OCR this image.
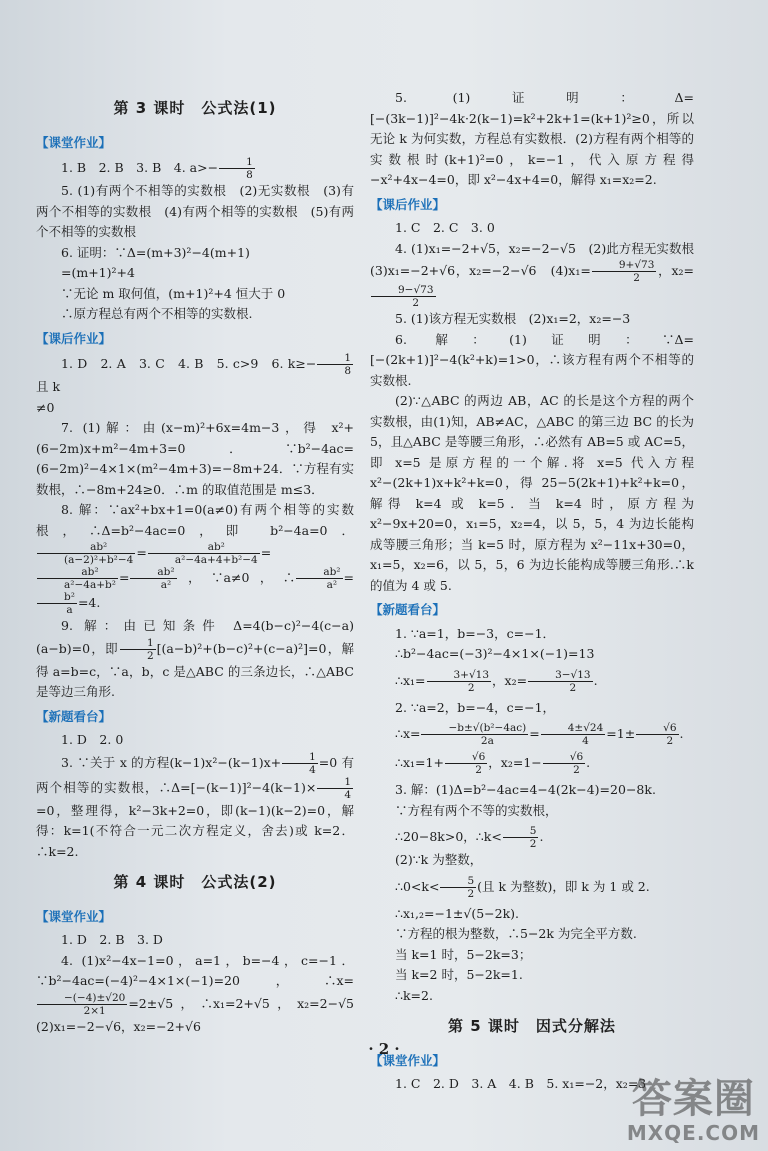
第 3 课时　公式法(1)
【课堂作业】

1. B　2. B　3. B　4. $a>- \frac{1}{8}$

5. (1)有两个不相等的实数根　(2)无实数根　(3)有两个不相等的实数根　(4)有两个相等的实数根　(5)有两个不相等的实数根

6. 证明：∵Δ=(m+3)²−4(m+1)

=(m+1)²+4

∵无论 m 取何值，(m+1)²+4 恒大于 0

∴原方程总有两个不相等的实数根.

【课后作业】

1. D　2. A　3. C　4. B　5. c>9　6. $k\ge- \frac{1}{8}$
且 k

≠0

7. (1)解：由(x−m)²+6x=4m−3，得 x²+(6−2m)x+m²−4m+3=0．∵b²−4ac=(6−2m)²−4×1×(m²−4m+3)=−8m+24．∵方程有实数根，∴−8m+24≥0．∴m 的取值范围是 m≤3．

8. 解：∵ax²+bx+1=0(a≠0)有两个相等的实数根，∴Δ=b²−4ac=0，即 b²−4a=0．
$\frac{\text{ab²}}{\text{(a−2)²+b²−4}} = \frac{\text{ab²}}{\text{a²−4a+4+b²−4}}$ =
$\frac{\text{ab²}}{\text{a²−4a+b²}} = \frac{\text{ab²}}{\text{a²}}$ ，∵a≠0，∴ $\frac{\text{ab²}}{\text{a²}}$ =
$\frac{\text{b²}}{a} =4$.

9. 解：由已知条件 Δ=4(b−c)²−4(c−a)(a−b)=0，即 $\frac{1}{2} [(a-b)^2+(b-c)^2+(c-a)^2]=0$，解得 a=b=c，∵a，b，c 是△ABC 的三条边长，∴△ABC 是等边三角形.

【新题看台】

1. D　2. 0

3. ∵关于 x 的方程$(k-1)x^2-(k-1)x+ \frac{1}{4} =0$ 有两个相等的实数根，∴Δ=[−(k−1)]²−4(k−1)× $\frac{1}{4}$
=0，整理得，k²−3k+2=0，即(k−1)(k−2)=0，解得：k=1(不符合一元二次方程定义，舍去)或 k=2．∴k=2.

第 4 课时　公式法(2)
【课堂作业】

1. D　2. B　3. D

4. (1)x²−4x−1=0，a=1，b=−4，c=−1．∵b²−4ac=(−4)²−4×1×(−1)=20，∴x=
$\frac{-(-4)\pm√20}{2\times 1} =2\pm√5$，∴x₁=2+√5，x₂=2−√5　(2)x₁=−2−√6，x₂=−2+√6

5. (1)证明：Δ=[−(3k−1)]²−4k·2(k−1)=k²+2k+1=(k+1)²≥0，所以无论 k 为何实数，方程总有实数根．(2)方程有两个相等的实数根时(k+1)²=0，k=−1，代入原方程得 −x²+4x−4=0，即 x²−4x+4=0，解得 x₁=x₂=2.

【课后作业】

1. C　2. C　3. 0

4. (1)x₁=−2+√5，x₂=−2−√5　(2)此方程无实数根　(3)x₁=−2+√6，x₂=−2−√6　$(4)x_1= \frac{9+√73}{2}$ ，x₂=
$\frac{9-√73}{2}$

5. (1)该方程无实数根　(2)x₁=2，x₂=−3

6. 解：(1)证明：∵Δ=[−(2k+1)]²−4(k²+k)=1>0，∴该方程有两个不相等的实数根.

(2)∵△ABC 的两边 AB，AC 的长是这个方程的两个实数根，由(1)知，AB≠AC，△ABC 的第三边 BC 的长为 5，且△ABC 是等腰三角形，∴必然有 AB=5 或 AC=5，即 x=5 是原方程的一个解.将 x=5 代入方程 x²−(2k+1)x+k²+k=0，得 25−5(2k+1)+k²+k=0，解得 k=4 或 k=5．当 k=4 时，原方程为 x²−9x+20=0，x₁=5，x₂=4，以 5，5，4 为边长能构成等腰三角形；当 k=5 时，原方程为 x²−11x+30=0，x₁=5，x₂=6，以 5，5，6 为边长能构成等腰三角形.∴k 的值为 4 或 5.

【新题看台】

1. ∵a=1，b=−3，c=−1．

∴b²−4ac=(−3)²−4×1×(−1)=13

∴x₁= $\frac{3+√13}{2}$ ，$x_2= \frac{3-√13}{2}$ .

2. ∵a=2，b=−4，c=−1，

∴x= $\frac{\text{−b±√(b²−4ac)}}{2a} = \frac{4\pm√24}{4} =1\pm \frac{√6}{2}$ .

∴x₁=1+ $\frac{√6}{2}$ ，$x_2=1- \frac{√6}{2}$ .

3. 解：(1)Δ=b²−4ac=4−4(2k−4)=20−8k.

∵方程有两个不等的实数根，

∴20−8k>0，∴k< $\frac{5}{2}$ .

(2)∵k 为整数，

∴0<k< $\frac{5}{2}$ (且 k 为整数)，即 k 为 1 或 2.

∴x₁,₂=−1±√(5−2k).

∵方程的根为整数，∴5−2k 为完全平方数.

当 k=1 时，5−2k=3；

当 k=2 时，5−2k=1.

∴k=2.

第 5 课时　因式分解法
【课堂作业】

1. C　2. D　3. A　4. B　5. x₁=−2，x₂=3

· 2 ·
答案圈
MXQE.COM
